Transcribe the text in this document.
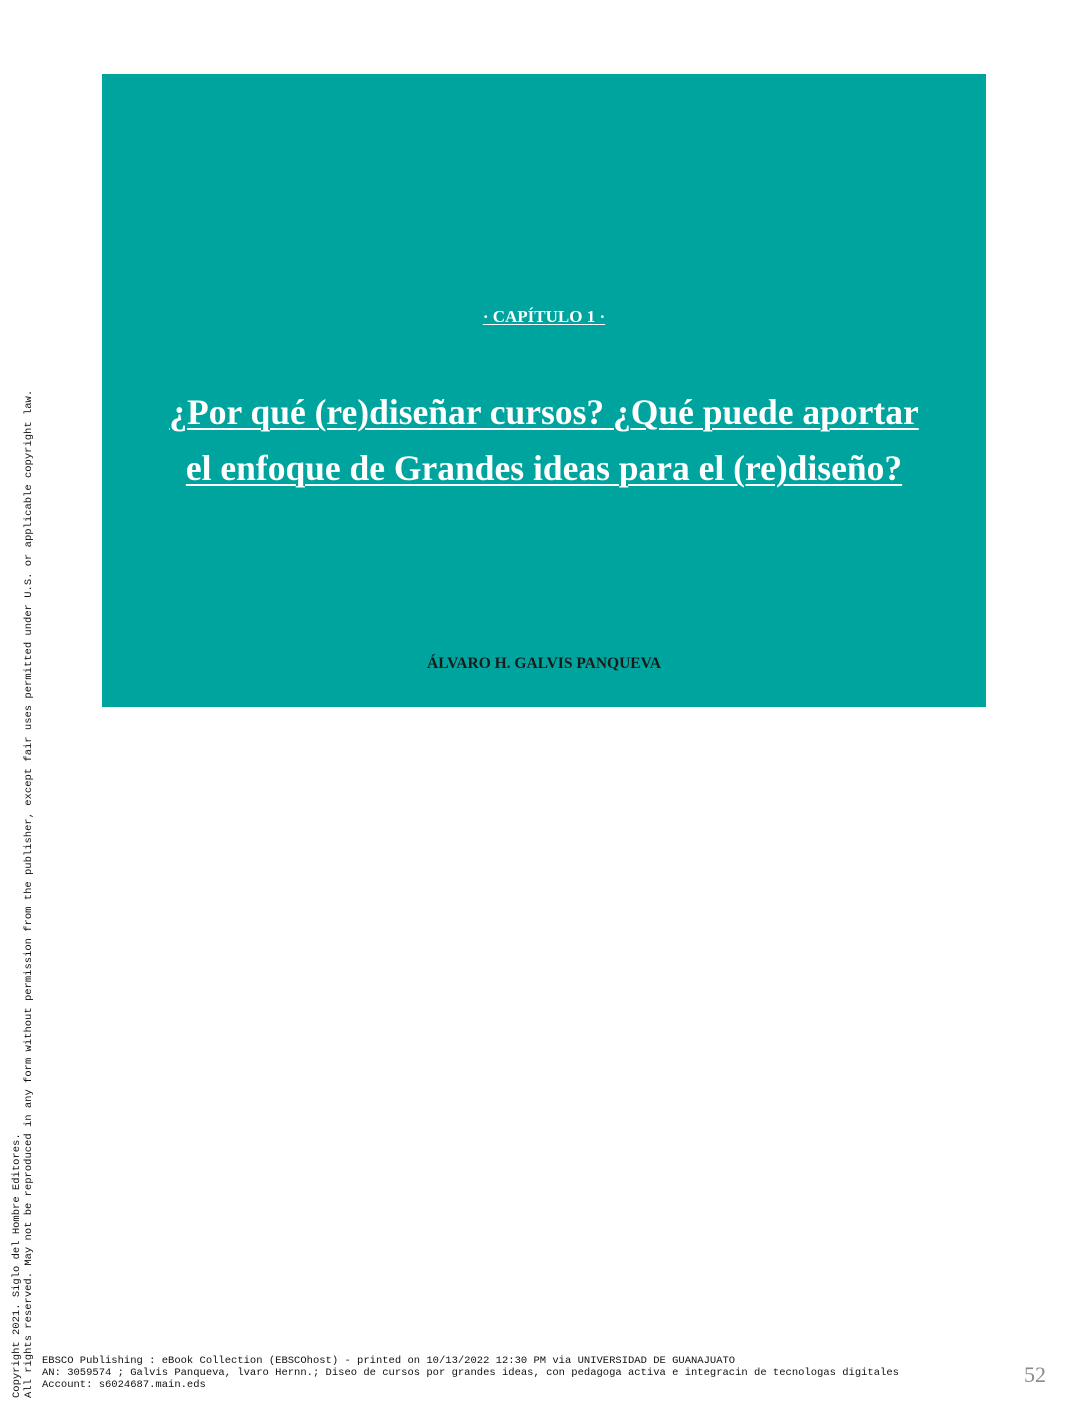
· CAPÍTULO 1 ·
¿Por qué (re)diseñar cursos? ¿Qué puede aportar
el enfoque de Grandes ideas para el (re)diseño?
ÁLVARO H. GALVIS PANQUEVA
Copyright 2021. Siglo del Hombre Editores. All rights reserved. May not be reproduced in any form without permission from the publisher, except fair uses permitted under U.S. or applicable copyright law. EBSCO Publishing : eBook Collection (EBSCOhost) - printed on 10/13/2022 12:30 PM via UNIVERSIDAD DE GUANAJUATO
AN: 3059574 ; Galvis Panqueva, lvaro Hernn.; Diseo de cursos por grandes ideas, con pedagoga activa e integracin de tecnologas digitales
Account: s6024687.main.eds	52
